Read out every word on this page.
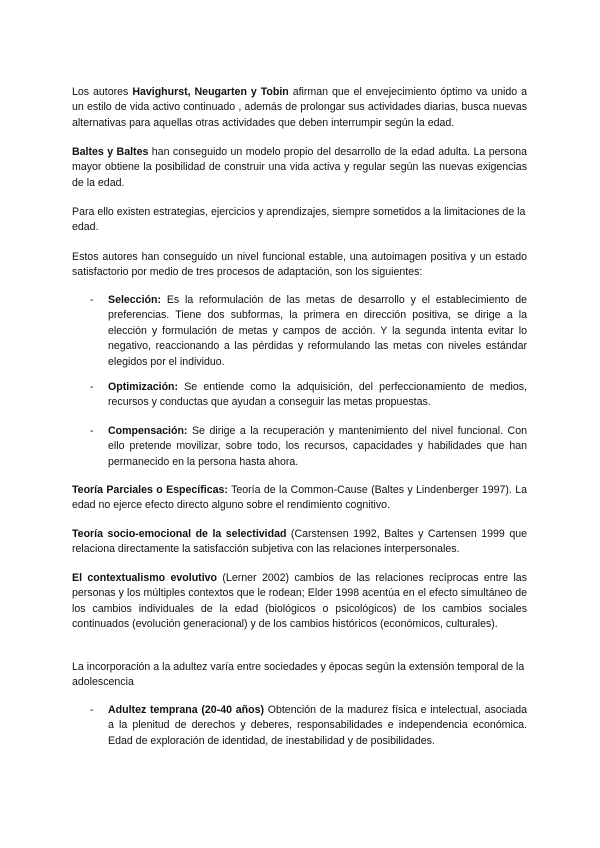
Los autores Havighurst, Neugarten y Tobin afirman que el envejecimiento óptimo va unido a un estilo de vida activo continuado , además de prolongar sus actividades diarias, busca nuevas alternativas para aquellas otras actividades que deben interrumpir según la edad.

Baltes y Baltes han conseguido un modelo propio del desarrollo de la edad adulta. La persona mayor obtiene la posibilidad de construir una vida activa y regular según las nuevas exigencias de la edad.

Para ello existen estrategias, ejercicios y aprendizajes, siempre sometidos a la limitaciones de la edad.

Estos autores han conseguido un nivel funcional estable, una autoimagen positiva y un estado satisfactorio por medio de tres procesos de adaptación, son los siguientes:

- Selección: Es la reformulación de las metas de desarrollo y el establecimiento de preferencias. Tiene dos subformas, la primera en dirección positiva, se dirige a la elección y formulación de metas y campos de acción. Y la segunda intenta evitar lo negativo, reaccionando a las pérdidas y reformulando las metas con niveles estándar elegidos por el individuo.
- Optimización: Se entiende como la adquisición, del perfeccionamiento de medios, recursos y conductas que ayudan a conseguir las metas propuestas.
- Compensación: Se dirige a la recuperación y mantenimiento del nivel funcional. Con ello pretende movilizar, sobre todo, los recursos, capacidades y habilidades que han permanecido en la persona hasta ahora.

Teoría Parciales o Específicas: Teoría de la Common-Cause (Baltes y Lindenberger 1997). La edad no ejerce efecto directo alguno sobre el rendimiento cognitivo.

Teoría socio-emocional de la selectividad (Carstensen 1992, Baltes y Cartensen 1999 que relaciona directamente la satisfacción subjetiva con las relaciones interpersonales.

El contextualismo evolutivo (Lerner 2002) cambios de las relaciones recíprocas entre las personas y los múltiples contextos que le rodean; Elder 1998 acentúa en el efecto simultáneo de los cambios individuales de la edad (biológicos o psicológicos) de los cambios sociales continuados (evolución generacional) y de los cambios históricos (económicos, culturales).

La incorporación a la adultez varía entre sociedades y épocas según la extensión temporal de la adolescencia

- Adultez temprana (20-40 años) Obtención de la madurez física e intelectual, asociada a la plenitud de derechos y deberes, responsabilidades e independencia económica. Edad de exploración de identidad, de inestabilidad y de posibilidades.
